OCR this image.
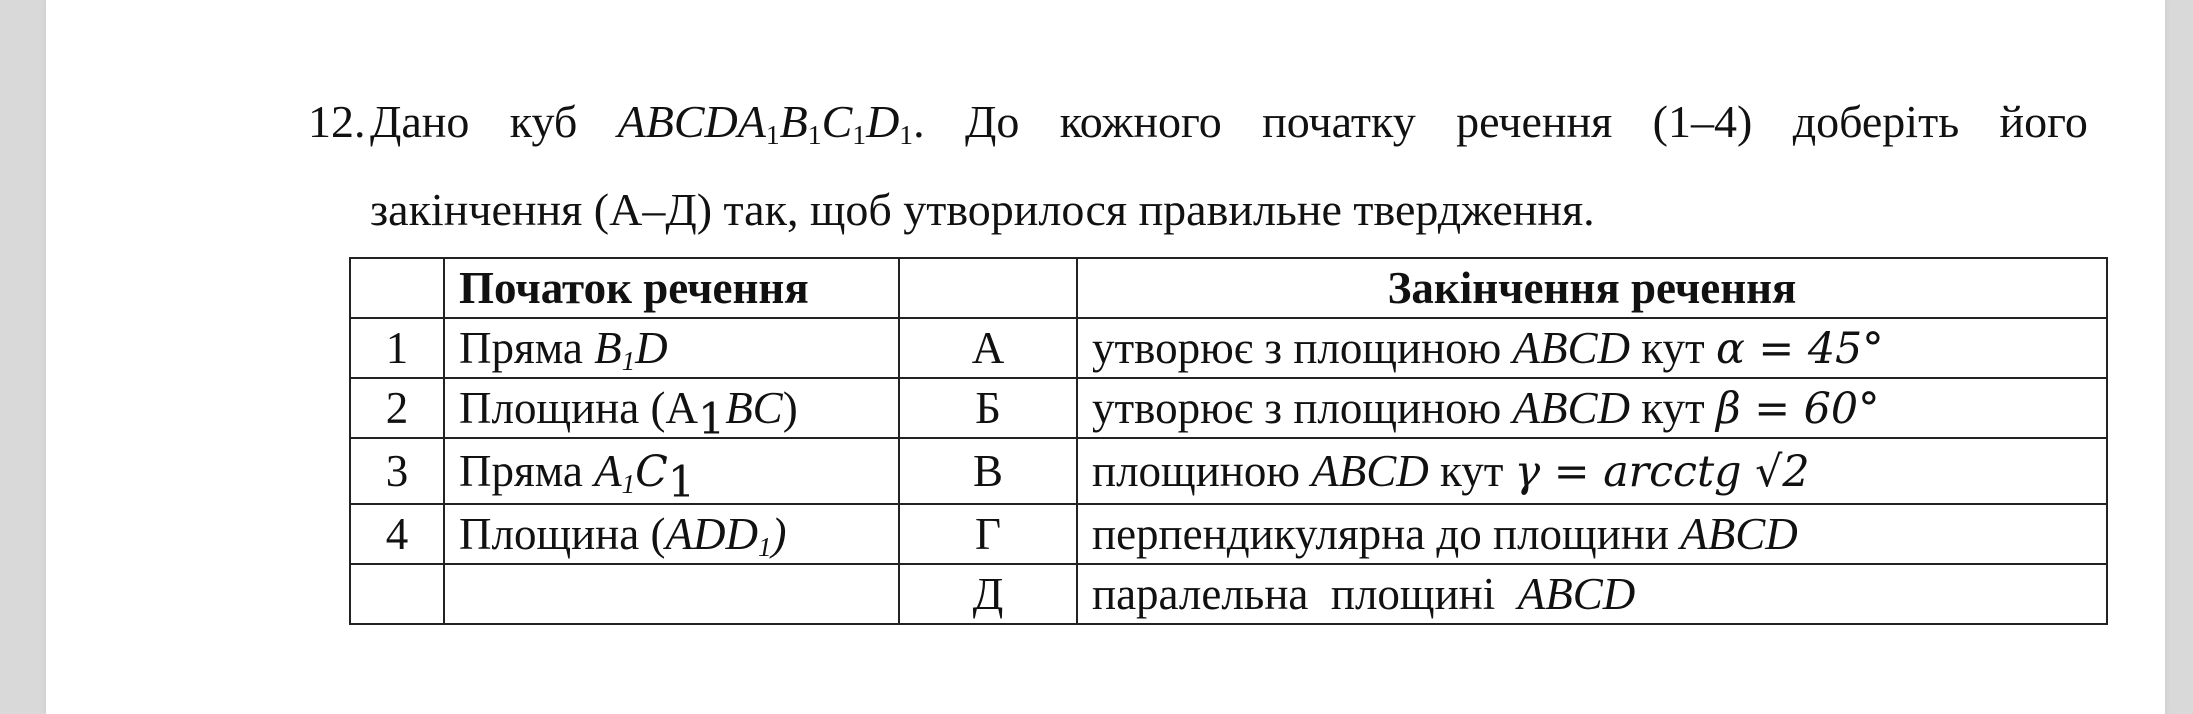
12. Дано куб $ABCDA_1B_1C_1D_1$. До кожного початку речення (1–4) доберіть його
закінчення (А–Д) так, щоб утворилося правильне твердження.
	Початок речення		Закінчення речення
1	Пряма $B_1D$	А	утворює з площиною ABCD кут α = 45°
2	Площина $(A_1BC)$	Б	утворює з площиною ABCD кут β = 60°
3	Пряма $A_1C_1$	В	площиною ABCD кут γ = arcctg √2
4	Площина $(ADD_1)$	Г	перпендикулярна до площини ABCD
		Д	паралельна  площині  ABCD
